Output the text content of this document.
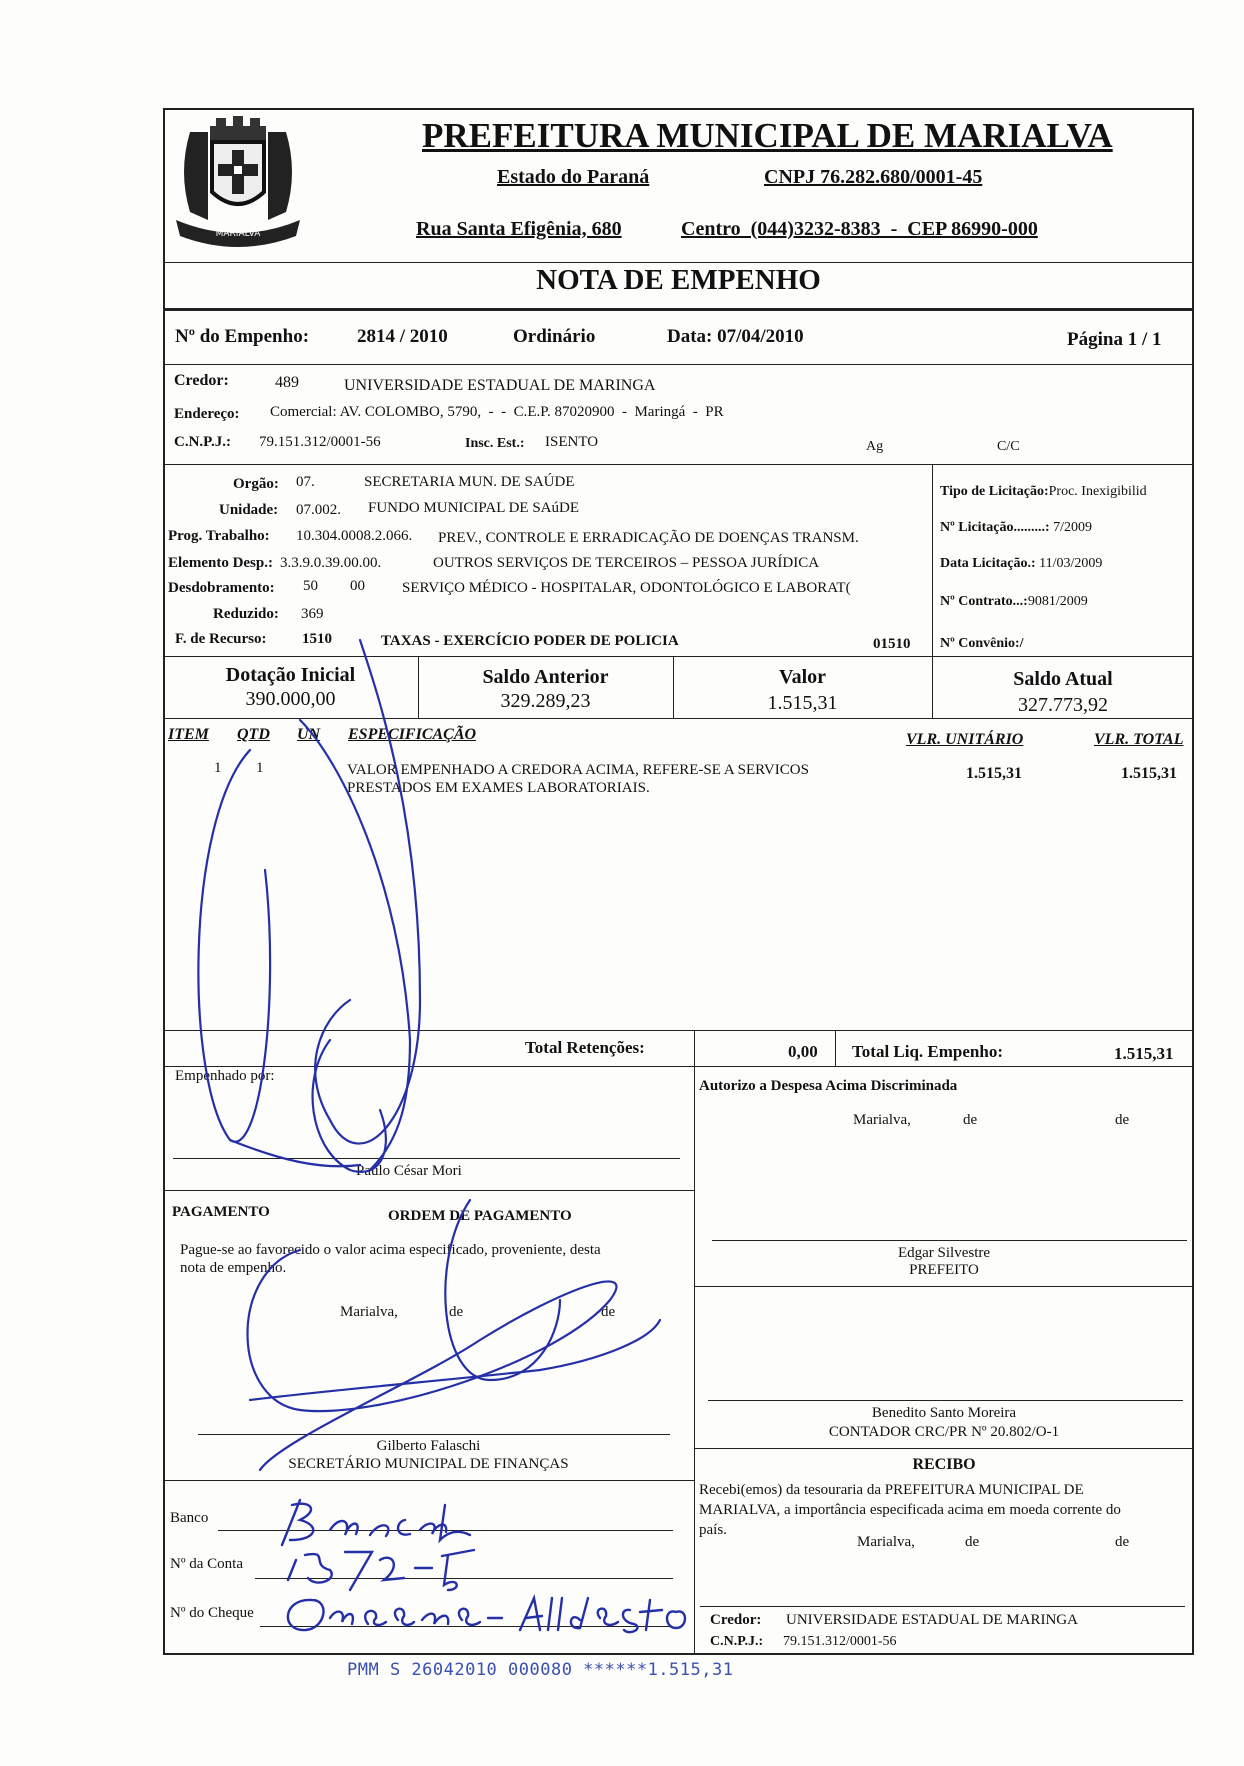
MARIALVA
PREFEITURA MUNICIPAL DE MARIALVA
Estado do Paraná	CNPJ 76.282.680/0001-45
Rua Santa Efigênia, 680	Centro  (044)3232-8383  -  CEP 86990-000
NOTA DE EMPENHO
Nº do Empenho:	2814 / 2010	Ordinário	Data: 07/04/2010	Página 1 / 1
Credor:	489	UNIVERSIDADE ESTADUAL DE MARINGA
Endereço: Comercial: AV. COLOMBO, 5790,  -  -  C.E.P. 87020900  -  Maringá  -  PR
C.N.P.J.: 79.151.312/0001-56	Insc. Est.: ISENTO	Ag	C/C
Orgão: 07.	SECRETARIA MUN. DE SAÚDE
Unidade: 07.002. FUNDO MUNICIPAL DE SAúDE
Prog. Trabalho: 10.304.0008.2.066. PREV., CONTROLE E ERRADICAÇÃO DE DOENÇAS TRANSM.
Elemento Desp.: 3.3.9.0.39.00.00.	OUTROS SERVIÇOS DE TERCEIROS – PESSOA JURÍDICA
Desdobramento: 50 00 SERVIÇO MÉDICO - HOSPITALAR, ODONTOLÓGICO E LABORAT(
Reduzido: 369
F. de Recurso: 1510	TAXAS - EXERCÍCIO PODER DE POLICIA	01510
Tipo de Licitação:Proc. Inexigibilid
Nº Licitação.........: 7/2009
Data Licitação.: 11/03/2009
Nº Contrato...:9081/2009
Nº Convênio:/
Dotação Inicial
390.000,00
Saldo Anterior
329.289,23
Valor
1.515,31
Saldo Atual
327.773,92
ITEM QTD UN ESPECIFICAÇÃO	VLR. UNITÁRIO	VLR. TOTAL
1 1	VALOR EMPENHADO A CREDORA ACIMA, REFERE-SE A SERVICOS
PRESTADOS EM EXAMES LABORATORIAIS.
1.515,31	1.515,31
Total Retenções:	0,00 Total Liq. Empenho:	1.515,31
Empenhado por:
Paulo César Mori
Autorizo a Despesa Acima Discriminada
Marialva,	de	de
Edgar Silvestre
PREFEITO
PAGAMENTO	ORDEM DE PAGAMENTO
Pague-se ao favorecido o valor acima especificado, proveniente, desta
nota de empenho.
Marialva,	de	de
Gilberto Falaschi
SECRETÁRIO MUNICIPAL DE FINANÇAS
Banco
Nº da Conta
Nº do Cheque
Benedito Santo Moreira
CONTADOR CRC/PR Nº 20.802/O-1
RECIBO
Recebi(emos) da tesouraria da PREFEITURA MUNICIPAL DE
MARIALVA, a importância especificada acima em moeda corrente do
país.
Marialva,	de	de
Credor: UNIVERSIDADE ESTADUAL DE MARINGA
C.N.P.J.: 79.151.312/0001-56
PMM S 26042010 000080 ******1.515,31
